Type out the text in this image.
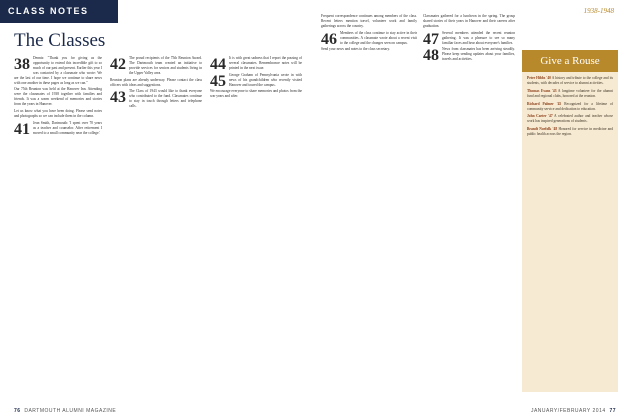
CLASS NOTES
The Classes

38 Dennis: "Thank you for giving us the opportunity to extend this incredible gift to so much of our past and present. Earlier this year I was contacted by a classmate who wrote: We are the last of our time. I hope we continue to share news with one another in these pages as long as we can."

Our 75th Reunion was held at the Hanover Inn. Attending were the classmates of 1938 together with families and friends. It was a warm weekend of memories and stories from the years in Hanover.

Let us know what you have been doing. Please send notes and photographs so we can include them in the column.

41 Jean Smith, Dartmouth: 'I spent over 70 years as a teacher and counselor. After retirement I moved to a small community near the college.'

42 The proud recipients of the 75th Reunion Award. The Dartmouth team created an initiative to provide services for seniors and students living in the Upper Valley area.

Reunion plans are already underway. Please contact the class officers with ideas and suggestions.

43 The Class of 1943 would like to thank everyone who contributed to the fund. Classmates continue to stay in touch through letters and telephone calls.

44 It is with great sadness that I report the passing of several classmates. Remembrance notes will be printed in the next issue.

45 George Graham of Pennsylvania wrote in with news of his grandchildren who recently visited Hanover and toured the campus.

We encourage everyone to share memories and photos from the war years and after.

76 DARTMOUTH ALUMNI MAGAZINE
1938-1948

Frequent correspondence continues among members of the class. Recent letters mention travel, volunteer work and family gatherings across the country.

46 Members of the class continue to stay active in their communities. A classmate wrote about a recent visit to the college and the changes seen on campus.

Send your news and notes to the class secretary.

Classmates gathered for a luncheon in the spring. The group shared stories of their years in Hanover and their careers after graduation.

47 Several members attended the recent reunion gathering. It was a pleasure to see so many familiar faces and hear about everyone's families.

48 News from classmates has been arriving steadily. Please keep sending updates about your families, travels and activities.	Give a Rouse

Peter Hibbs '40 A history and tribute to the college and its students, with decades of service to alumni activities.

Thomas Evans '43 A longtime volunteer for the alumni fund and regional clubs, honored at the reunion.

Richard Palmer '45 Recognized for a lifetime of community service and dedication to education.

John Carter '47 A celebrated author and teacher whose work has inspired generations of students.

Brandt Norfolk '48 Honored for service in medicine and public health across the region.

JANUARY/FEBRUARY 2014 77
